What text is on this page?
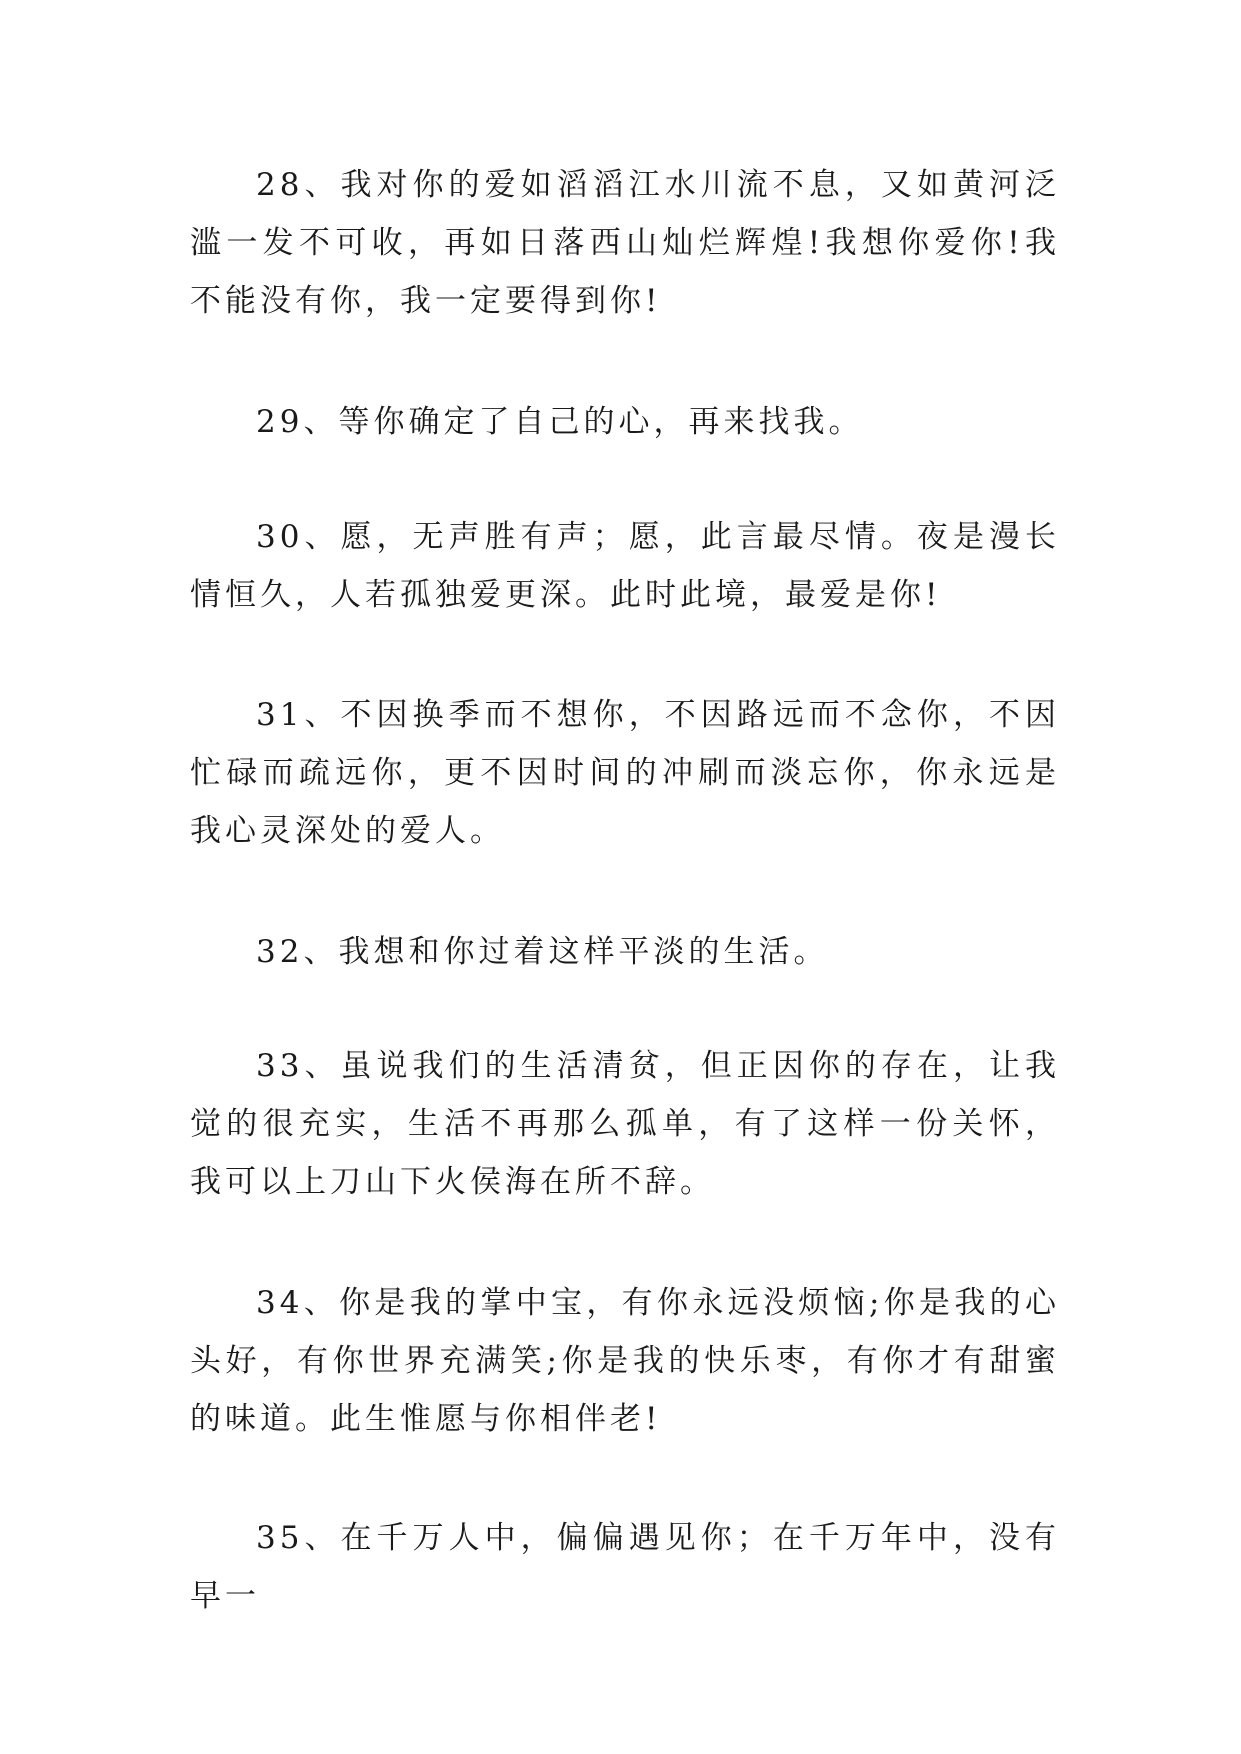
28、我对你的爱如滔滔江水川流不息，又如黄河泛滥一发不可收，再如日落西山灿烂辉煌!我想你爱你!我不能没有你，我一定要得到你!

29、等你确定了自己的心，再来找我。

30、愿，无声胜有声；愿，此言最尽情。夜是漫长情恒久，人若孤独爱更深。此时此境，最爱是你!

31、不因换季而不想你，不因路远而不念你，不因忙碌而疏远你，更不因时间的冲刷而淡忘你，你永远是我心灵深处的爱人。

32、我想和你过着这样平淡的生活。

33、虽说我们的生活清贫，但正因你的存在，让我觉的很充实，生活不再那么孤单，有了这样一份关怀，我可以上刀山下火侯海在所不辞。

34、你是我的掌中宝，有你永远没烦恼;你是我的心头好，有你世界充满笑;你是我的快乐枣，有你才有甜蜜的味道。此生惟愿与你相伴老!

35、在千万人中，偏偏遇见你；在千万年中，没有早一
